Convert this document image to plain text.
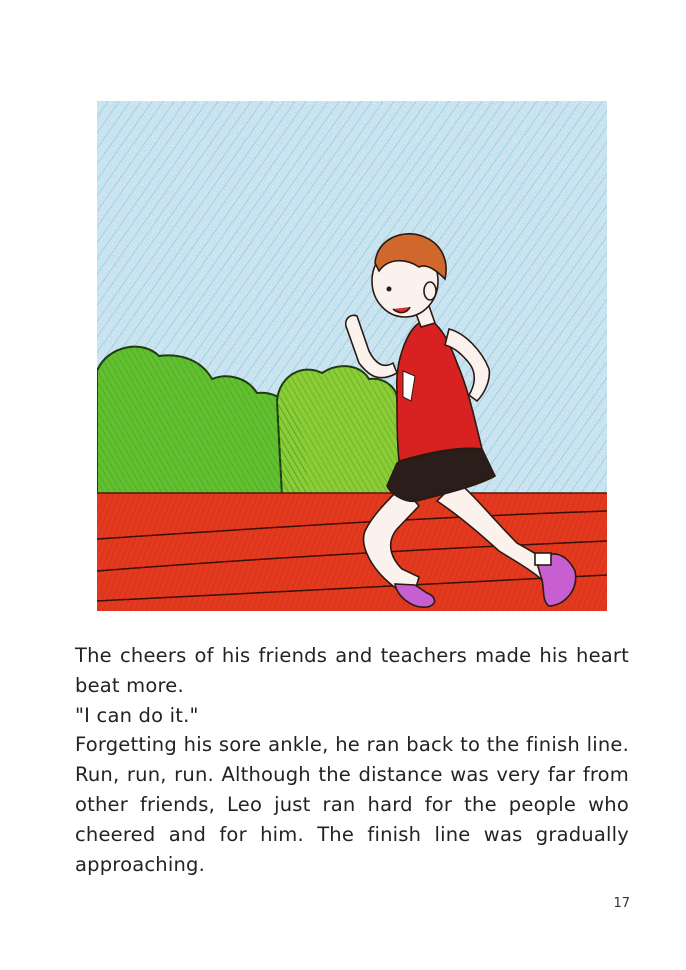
The cheers of his friends and teachers made his heart
beat more.
"I can do it."
Forgetting his sore ankle, he ran back to the finish line.
Run, run, run. Although the distance was very far from
other friends, Leo just ran hard for the people who
cheered and for him. The finish line was gradually
approaching.
17
